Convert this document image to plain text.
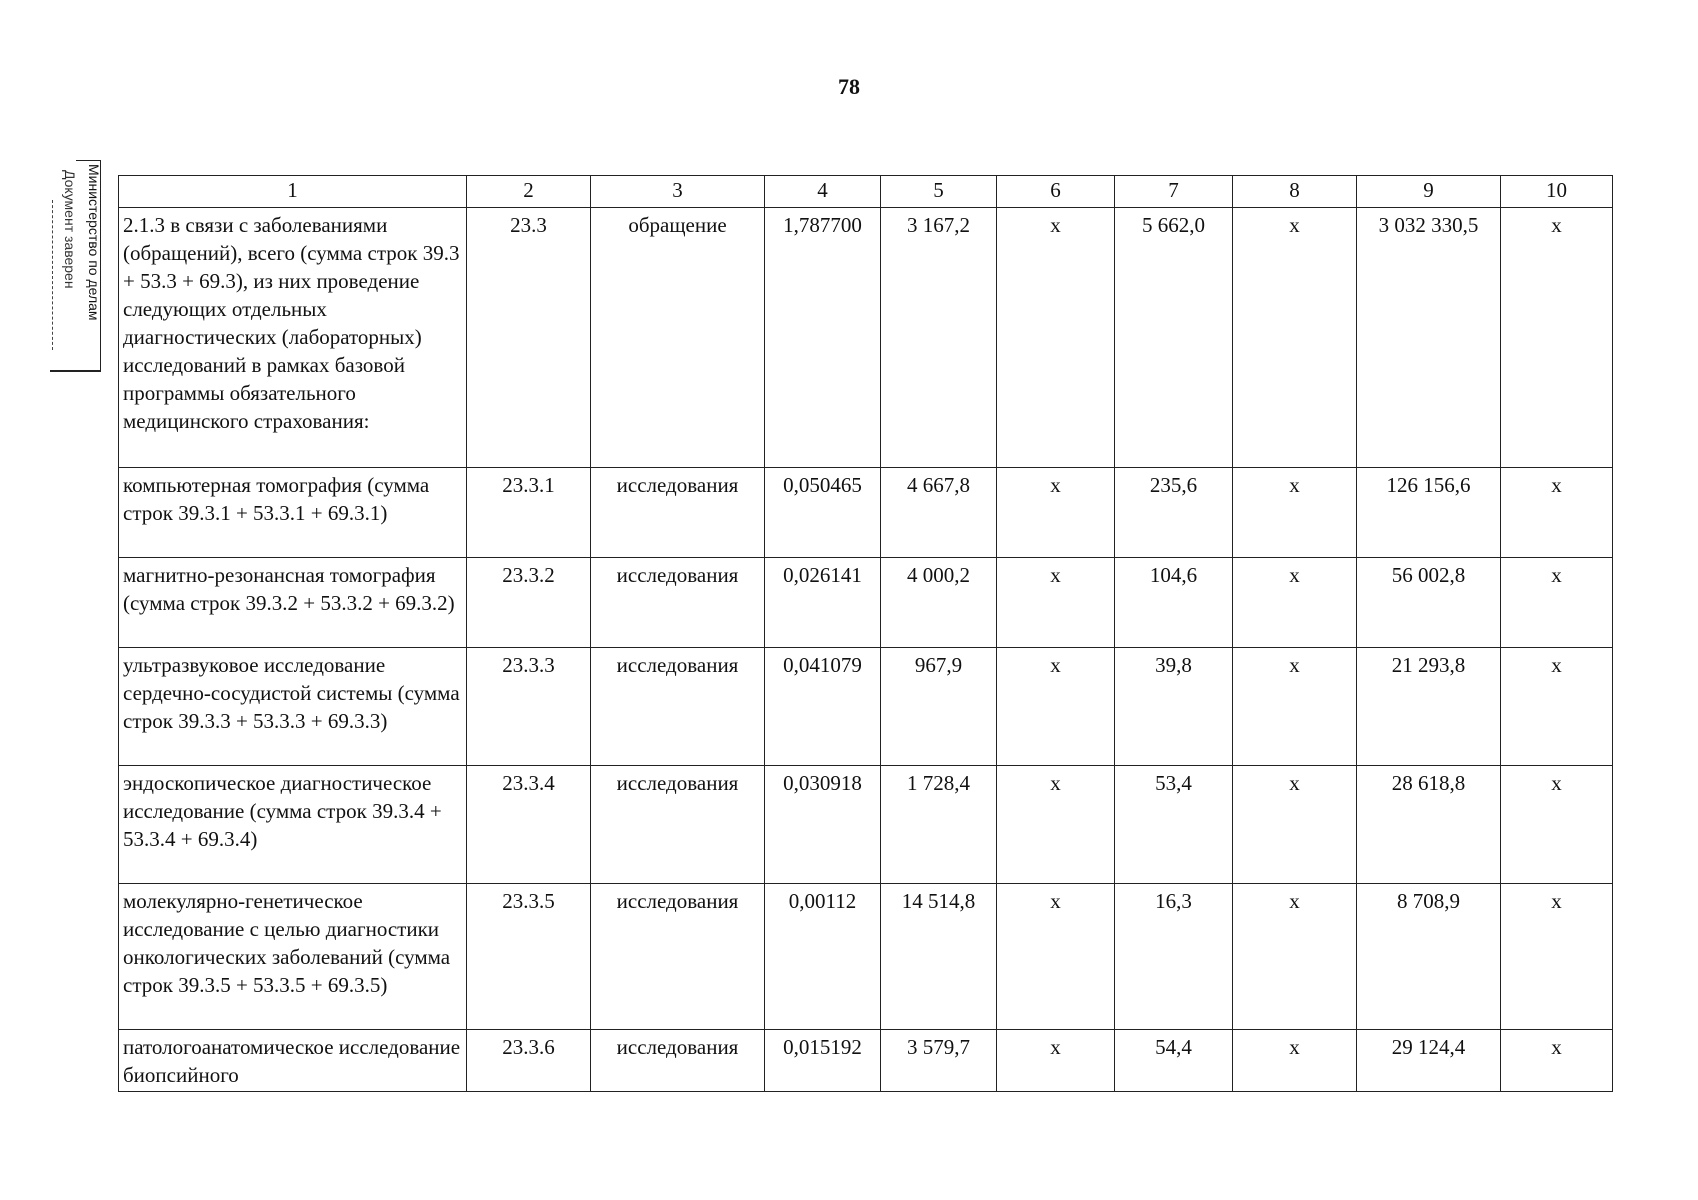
78
Министерство по делам
Документ заверен	1	2	3	4	5	6	7	8	9	10
2.1.3 в связи с заболеваниями (обращений), всего (сумма строк 39.3 + 53.3 + 69.3), из них проведение следующих отдельных диагностических (лабораторных) исследований в рамках базовой программы обязательного медицинского страхования:	23.3	обращение	1,787700	3 167,2	х	5 662,0	х	3 032 330,5	х
компьютерная томография (сумма строк 39.3.1 + 53.3.1 + 69.3.1)	23.3.1	исследования	0,050465	4 667,8	х	235,6	х	126 156,6	х
магнитно-резонансная томография (сумма строк 39.3.2 + 53.3.2 + 69.3.2)	23.3.2	исследования	0,026141	4 000,2	х	104,6	х	56 002,8	х
ультразвуковое исследование сердечно-сосудистой системы (сумма строк 39.3.3 + 53.3.3 + 69.3.3)	23.3.3	исследования	0,041079	967,9	х	39,8	х	21 293,8	х
эндоскопическое диагностическое исследование (сумма строк 39.3.4 + 53.3.4 + 69.3.4)	23.3.4	исследования	0,030918	1 728,4	х	53,4	х	28 618,8	х
молекулярно-генетическое исследование с целью диагностики онкологических заболеваний (сумма строк 39.3.5 + 53.3.5 + 69.3.5)	23.3.5	исследования	0,00112	14 514,8	х	16,3	х	8 708,9	х
патологоанатомическое исследование биопсийного	23.3.6	исследования	0,015192	3 579,7	х	54,4	х	29 124,4	х
